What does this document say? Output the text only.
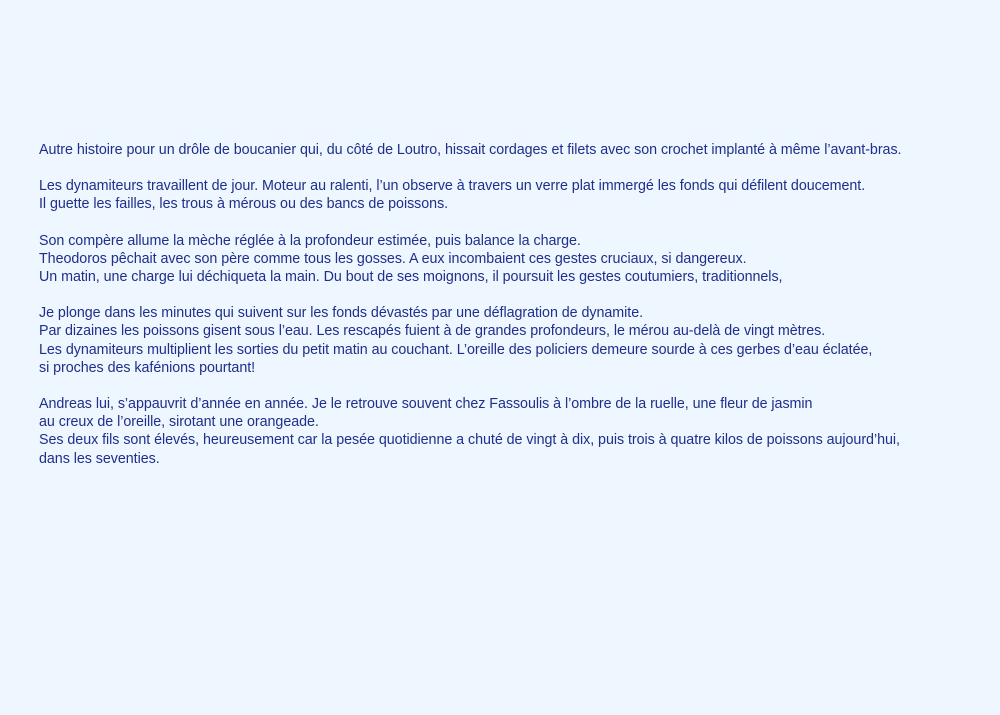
Autre histoire pour un drôle de boucanier qui, du côté de Loutro, hissait cordages et filets avec son crochet implanté à même l’avant-bras.

Les dynamiteurs travaillent de jour. Moteur au ralenti, l’un observe à travers un verre plat immergé les fonds qui défilent doucement.
Il guette les failles, les trous à mérous ou des bancs de poissons.

Son compère allume la mèche réglée à la profondeur estimée, puis balance la charge.
Theodoros pêchait avec son père comme tous les gosses. A eux incombaient ces gestes cruciaux, si dangereux.
Un matin, une charge lui déchiqueta la main. Du bout de ses moignons, il poursuit les gestes coutumiers, traditionnels,

Je plonge dans les minutes qui suivent sur les fonds dévastés par une déflagration de dynamite.
Par dizaines les poissons gisent sous l’eau. Les rescapés fuient à de grandes profondeurs, le mérou au-delà de vingt mètres.
Les dynamiteurs multiplient les sorties du petit matin au couchant. L’oreille des policiers demeure sourde à ces gerbes d’eau éclatée,
si proches des kafénions pourtant!

Andreas lui, s’appauvrit d’année en année. Je le retrouve souvent chez Fassoulis à l’ombre de la ruelle, une fleur de jasmin
au creux de l’oreille, sirotant une orangeade.
Ses deux fils sont élevés, heureusement car la pesée quotidienne a chuté de vingt à dix, puis trois à quatre kilos de poissons aujourd’hui,
dans les seventies.
